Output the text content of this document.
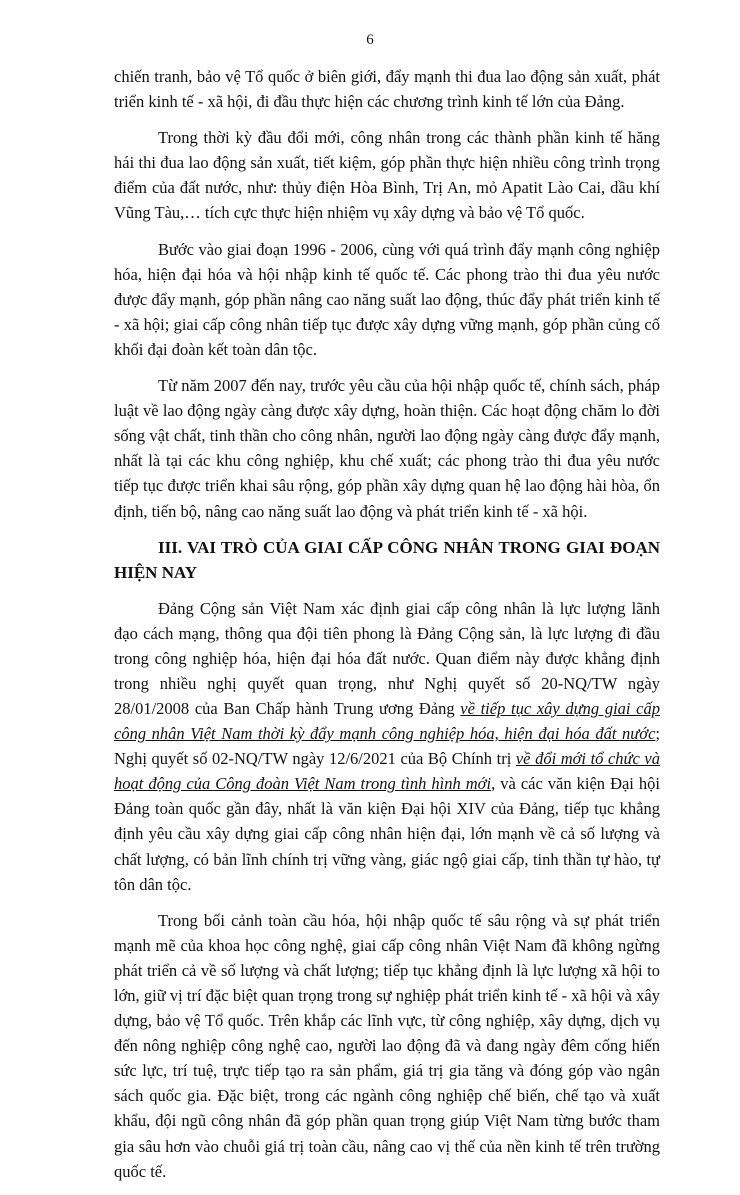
6

chiến tranh, bảo vệ Tổ quốc ở biên giới, đẩy mạnh thi đua lao động sản xuất, phát triển kinh tế - xã hội, đi đầu thực hiện các chương trình kinh tế lớn của Đảng.

Trong thời kỳ đầu đổi mới, công nhân trong các thành phần kinh tế hăng hái thi đua lao động sản xuất, tiết kiệm, góp phần thực hiện nhiều công trình trọng điểm của đất nước, như: thủy điện Hòa Bình, Trị An, mỏ Apatit Lào Cai, dầu khí Vũng Tàu,… tích cực thực hiện nhiệm vụ xây dựng và bảo vệ Tổ quốc.

Bước vào giai đoạn 1996 - 2006, cùng với quá trình đẩy mạnh công nghiệp hóa, hiện đại hóa và hội nhập kinh tế quốc tế. Các phong trào thi đua yêu nước được đẩy mạnh, góp phần nâng cao năng suất lao động, thúc đẩy phát triển kinh tế - xã hội; giai cấp công nhân tiếp tục được xây dựng vững mạnh, góp phần củng cố khối đại đoàn kết toàn dân tộc.

Từ năm 2007 đến nay, trước yêu cầu của hội nhập quốc tế, chính sách, pháp luật về lao động ngày càng được xây dựng, hoàn thiện. Các hoạt động chăm lo đời sống vật chất, tinh thần cho công nhân, người lao động ngày càng được đẩy mạnh, nhất là tại các khu công nghiệp, khu chế xuất; các phong trào thi đua yêu nước tiếp tục được triển khai sâu rộng, góp phần xây dựng quan hệ lao động hài hòa, ổn định, tiến bộ, nâng cao năng suất lao động và phát triển kinh tế - xã hội.

III. VAI TRÒ CỦA GIAI CẤP CÔNG NHÂN TRONG GIAI ĐOẠN HIỆN NAY

Đảng Cộng sản Việt Nam xác định giai cấp công nhân là lực lượng lãnh đạo cách mạng, thông qua đội tiên phong là Đảng Cộng sản, là lực lượng đi đầu trong công nghiệp hóa, hiện đại hóa đất nước. Quan điểm này được khẳng định trong nhiều nghị quyết quan trọng, như Nghị quyết số 20-NQ/TW ngày 28/01/2008 của Ban Chấp hành Trung ương Đảng về tiếp tục xây dựng giai cấp công nhân Việt Nam thời kỳ đẩy mạnh công nghiệp hóa, hiện đại hóa đất nước; Nghị quyết số 02-NQ/TW ngày 12/6/2021 của Bộ Chính trị về đổi mới tổ chức và hoạt động của Công đoàn Việt Nam trong tình hình mới, và các văn kiện Đại hội Đảng toàn quốc gần đây, nhất là văn kiện Đại hội XIV của Đảng, tiếp tục khẳng định yêu cầu xây dựng giai cấp công nhân hiện đại, lớn mạnh về cả số lượng và chất lượng, có bản lĩnh chính trị vững vàng, giác ngộ giai cấp, tinh thần tự hào, tự tôn dân tộc.

Trong bối cảnh toàn cầu hóa, hội nhập quốc tế sâu rộng và sự phát triển mạnh mẽ của khoa học công nghệ, giai cấp công nhân Việt Nam đã không ngừng phát triển cả về số lượng và chất lượng; tiếp tục khẳng định là lực lượng xã hội to lớn, giữ vị trí đặc biệt quan trọng trong sự nghiệp phát triển kinh tế - xã hội và xây dựng, bảo vệ Tổ quốc. Trên khắp các lĩnh vực, từ công nghiệp, xây dựng, dịch vụ đến nông nghiệp công nghệ cao, người lao động đã và đang ngày đêm cống hiến sức lực, trí tuệ, trực tiếp tạo ra sản phẩm, giá trị gia tăng và đóng góp vào ngân sách quốc gia. Đặc biệt, trong các ngành công nghiệp chế biến, chế tạo và xuất khẩu, đội ngũ công nhân đã góp phần quan trọng giúp Việt Nam từng bước tham gia sâu hơn vào chuỗi giá trị toàn cầu, nâng cao vị thế của nền kinh tế trên trường quốc tế.
